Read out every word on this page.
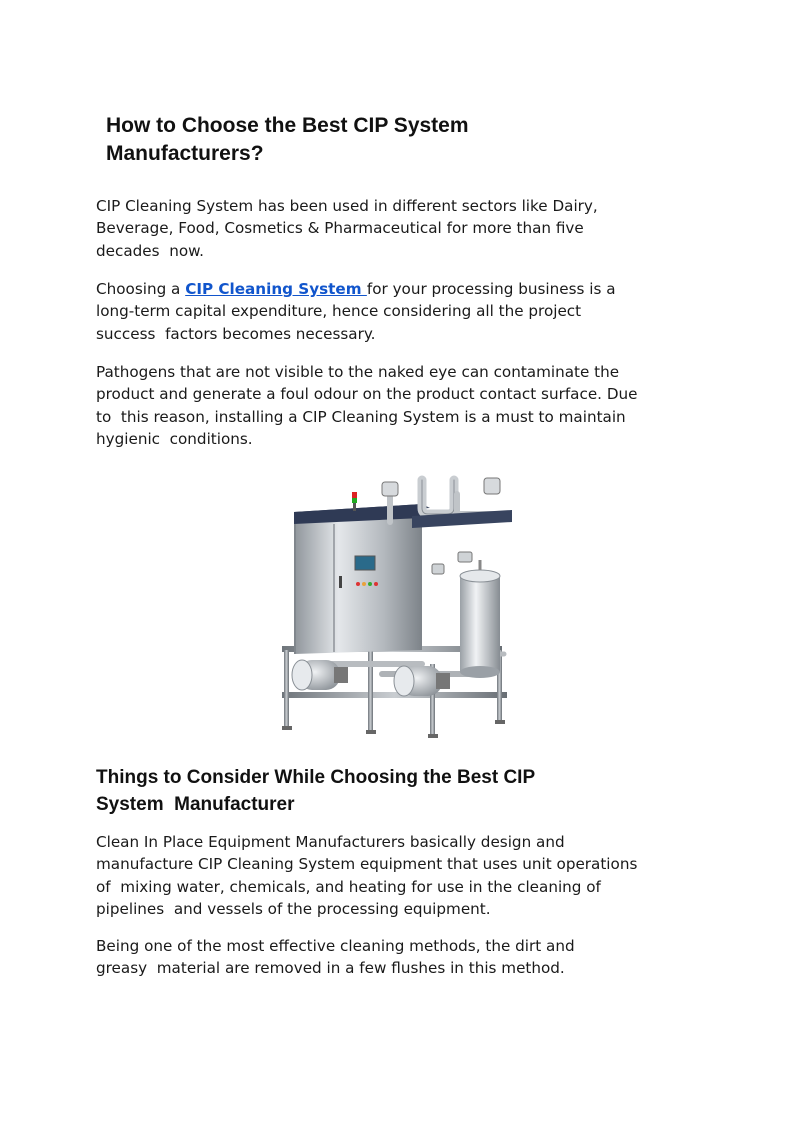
How to Choose the Best CIP System
Manufacturers?

CIP Cleaning System has been used in different sectors like Dairy,
Beverage, Food, Cosmetics & Pharmaceutical for more than five
decades  now.

Choosing a CIP Cleaning System for your processing business is a
long-term capital expenditure, hence considering all the project
success  factors becomes necessary.

Pathogens that are not visible to the naked eye can contaminate the
product and generate a foul odour on the product contact surface. Due
to  this reason, installing a CIP Cleaning System is a must to maintain
hygienic  conditions.

Things to Consider While Choosing the Best CIP
System  Manufacturer

Clean In Place Equipment Manufacturers basically design and
manufacture CIP Cleaning System equipment that uses unit operations
of  mixing water, chemicals, and heating for use in the cleaning of
pipelines  and vessels of the processing equipment.

Being one of the most effective cleaning methods, the dirt and
greasy  material are removed in a few flushes in this method.
